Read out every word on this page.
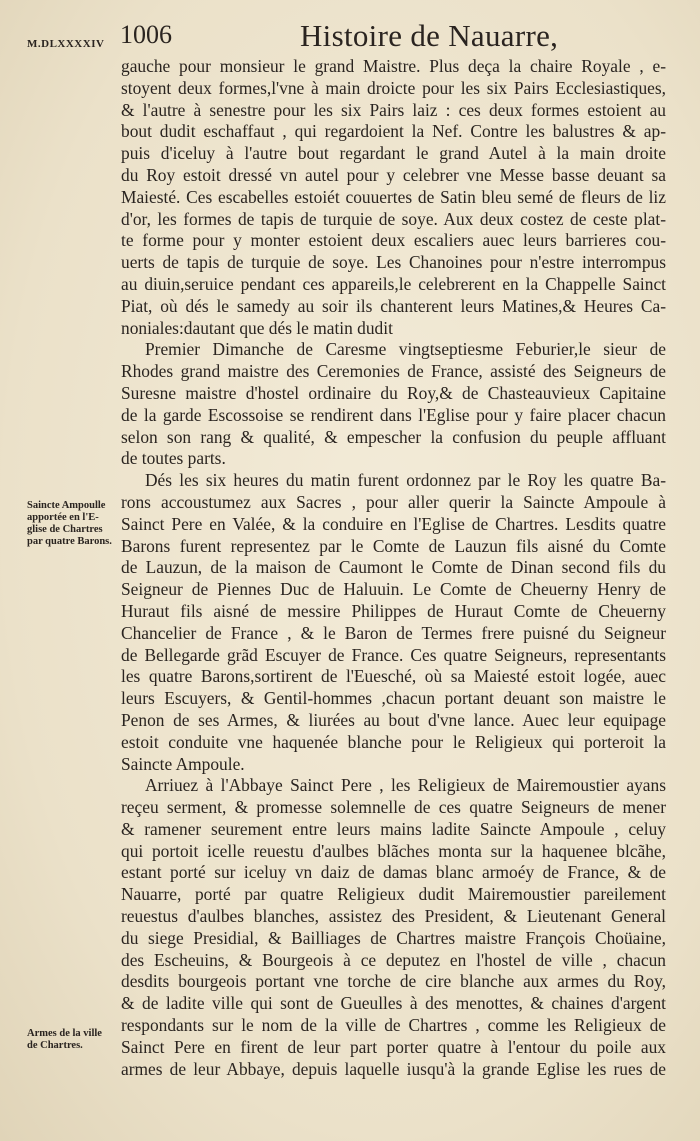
M.DLXXXXIV 1006	Histoire de Nauarre,
gauche pour monsieur le grand Maistre. Plus deça la chaire Royale , e-
stoyent deux formes,l'vne à main droicte pour les six Pairs Ecclesiastiques,
& l'autre à senestre pour les six Pairs laiz : ces deux formes estoient au
bout dudit eschaffaut , qui regardoient la Nef. Contre les balustres & ap-
puis d'iceluy à l'autre bout regardant le grand Autel à la main droite
du Roy estoit dressé vn autel pour y celebrer vne Messe basse deuant sa
Maiesté. Ces escabelles estoiét couuertes de Satin bleu semé de fleurs de liz
d'or, les formes de tapis de turquie de soye. Aux deux costez de ceste plat-
te forme pour y monter estoient deux escaliers auec leurs barrieres cou-
uerts de tapis de turquie de soye. Les Chanoines pour n'estre interrompus
au diuin,seruice pendant ces appareils,le celebrerent en la Chappelle Sainct
Piat, où dés le samedy au soir ils chanterent leurs Matines,& Heures Ca-
noniales:dautant que dés le matin dudit
Premier Dimanche de Caresme vingtseptiesme Feburier,le sieur de
Rhodes grand maistre des Ceremonies de France, assisté des Seigneurs de
Suresne maistre d'hostel ordinaire du Roy,& de Chasteauvieux Capitaine
de la garde Escossoise se rendirent dans l'Eglise pour y faire placer chacun
selon son rang & qualité, & empescher la confusion du peuple affluant
de toutes parts.
Dés les six heures du matin furent ordonnez par le Roy les quatre Ba-
rons accoustumez aux Sacres , pour aller querir la Saincte Ampoule à
Sainct Pere en Valée, & la conduire en l'Eglise de Chartres. Lesdits quatre
Barons furent representez par le Comte de Lauzun fils aisné du Comte
de Lauzun, de la maison de Caumont le Comte de Dinan second fils du
Seigneur de Piennes Duc de Haluuin. Le Comte de Cheuerny Henry de
Huraut fils aisné de messire Philippes de Huraut Comte de Cheuerny
Chancelier de France , & le Baron de Termes frere puisné du Seigneur
de Bellegarde grãd Escuyer de France. Ces quatre Seigneurs, representants
les quatre Barons,sortirent de l'Euesché, où sa Maiesté estoit logée, auec
leurs Escuyers, & Gentil-hommes ,chacun portant deuant son maistre le
Penon de ses Armes, & liurées au bout d'vne lance. Auec leur equipage
estoit conduite vne haquenée blanche pour le Religieux qui porteroit la
Saincte Ampoule.
Arriuez à l'Abbaye Sainct Pere , les Religieux de Mairemoustier ayans
reçeu serment, & promesse solemnelle de ces quatre Seigneurs de mener
& ramener seurement entre leurs mains ladite Saincte Ampoule , celuy
qui portoit icelle reuestu d'aulbes blãches monta sur la haquenee blcãhe,
estant porté sur iceluy vn daiz de damas blanc armoéy de France, & de
Nauarre, porté par quatre Religieux dudit Mairemoustier pareilement
reuestus d'aulbes blanches, assistez des President, & Lieutenant General
du siege Presidial, & Bailliages de Chartres maistre François Choüaine,
des Escheuins, & Bourgeois à ce deputez en l'hostel de ville , chacun
desdits bourgeois portant vne torche de cire blanche aux armes du Roy,
& de ladite ville qui sont de Gueulles à des menottes, & chaines d'argent
respondants sur le nom de la ville de Chartres , comme les Religieux de
Sainct Pere en firent de leur part porter quatre à l'entour du poile aux
armes de leur Abbaye, depuis laquelle iusqu'à la grande Eglise les rues de
Saincte Ampoulle
apportée en l'E-
glise de Chartres
par quatre Barons.
Armes de la ville
de Chartres.
